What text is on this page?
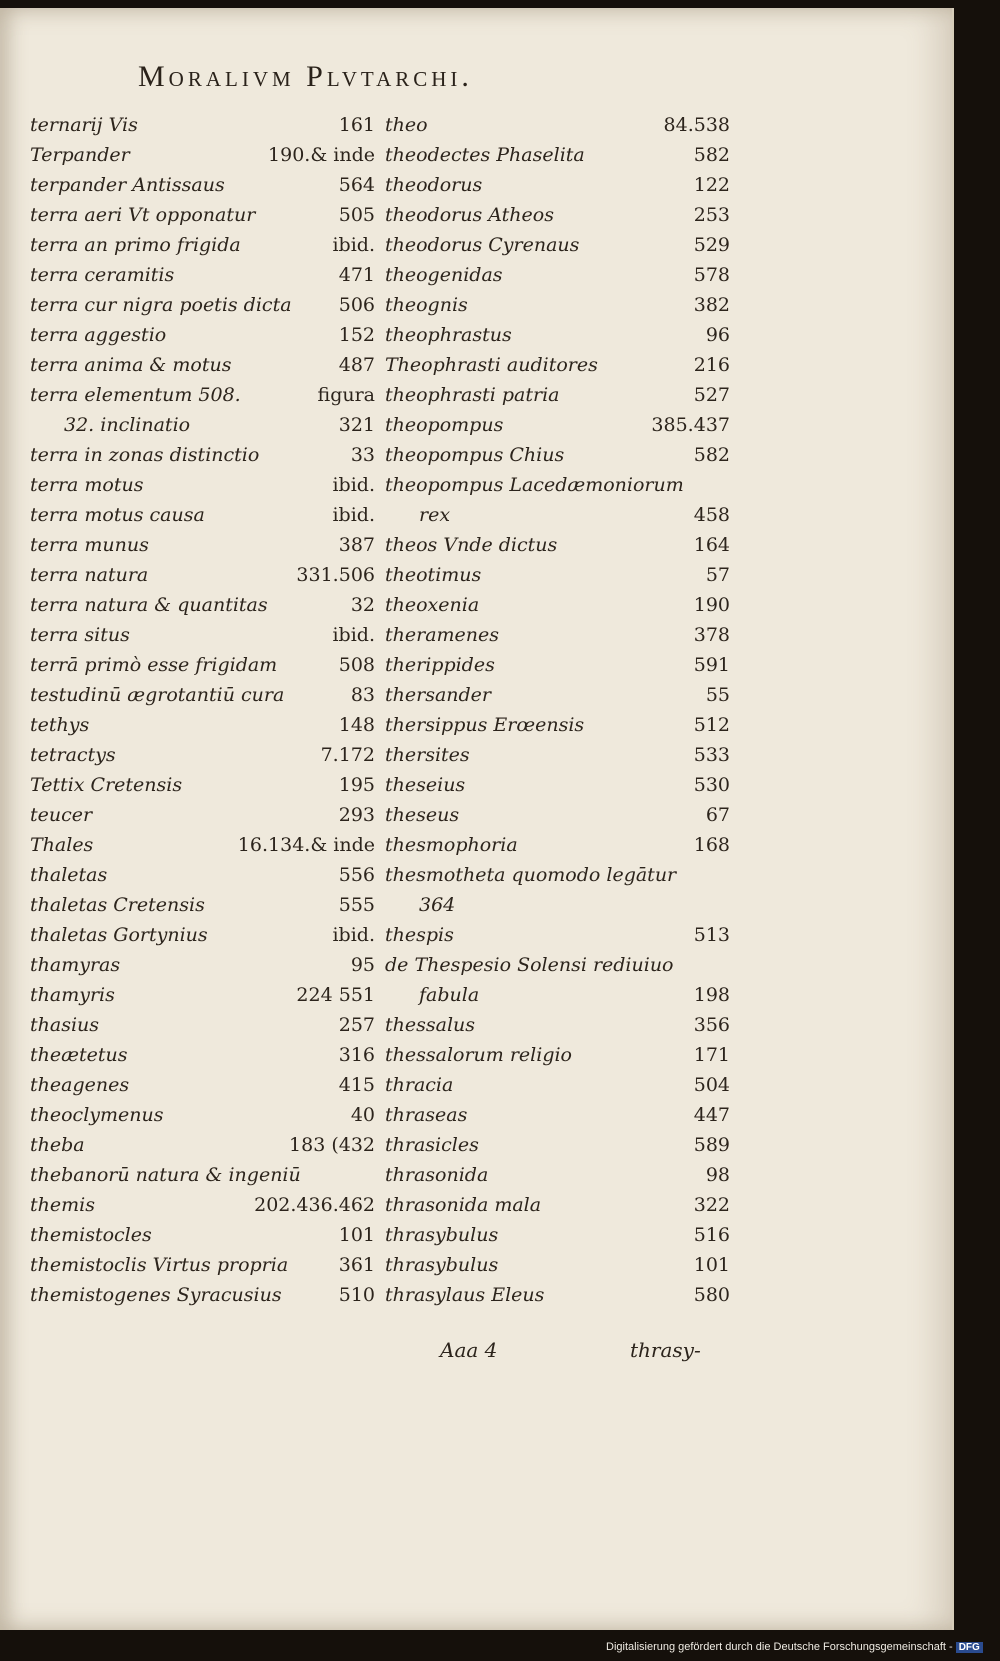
Moralivm Plvtarchi.
ternarij Vis	161
Terpander	190.& inde
terpander Antissaus	564
terra aeri Vt opponatur	505
terra an primo frigida	ibid.
terra ceramitis	471
terra cur nigra poetis dicta 506
terra aggestio	152
terra anima & motus	487
terra elementum 508.	figura
32. inclinatio	321
terra in zonas distinctio	33
terra motus	ibid.
terra motus causa	ibid.
terra munus	387
terra natura	331.506
terra natura & quantitas	32
terra situs	ibid.
terrā primò esse frigidam	508
testudinū ægrotantiū cura	83
tethys	148
tetractys	7.172
Tettix Cretensis	195
teucer	293
Thales	16.134.& inde
thaletas	556
thaletas Cretensis	555
thaletas Gortynius	ibid.
thamyras	95
thamyris	224 551
thasius	257
theætetus	316
theagenes	415
theoclymenus	40
theba	183 (432
thebanorū natura & ingeniū
themis	202.436.462
themistocles	101
themistoclis Virtus propria	361
themistogenes Syracusius	510
theo	84.538
theodectes Phaselita	582
theodorus	122
theodorus Atheos	253
theodorus Cyrenaus	529
theogenidas	578
theognis	382
theophrastus	96
Theophrasti auditores	216
theophrasti patria	527
theopompus	385.437
theopompus Chius	582
theopompus Lacedæmoniorum
rex	458
theos Vnde dictus	164
theotimus	57
theoxenia	190
theramenes	378
therippides	591
thersander	55
thersippus Erœensis	512
thersites	533
theseius	530
theseus	67
thesmophoria	168
thesmotheta quomodo legātur
364
thespis	513
de Thespesio Solensi rediuiuo
fabula	198
thessalus	356
thessalorum religio	171
thracia	504
thraseas	447
thrasicles	589
thrasonida	98
thrasonida mala	322
thrasybulus	516
thrasybulus	101
thrasylaus Eleus	580
Aaa 4	thrasy-
Digitalisierung gefördert durch die Deutsche Forschungsgemeinschaft - DFG
